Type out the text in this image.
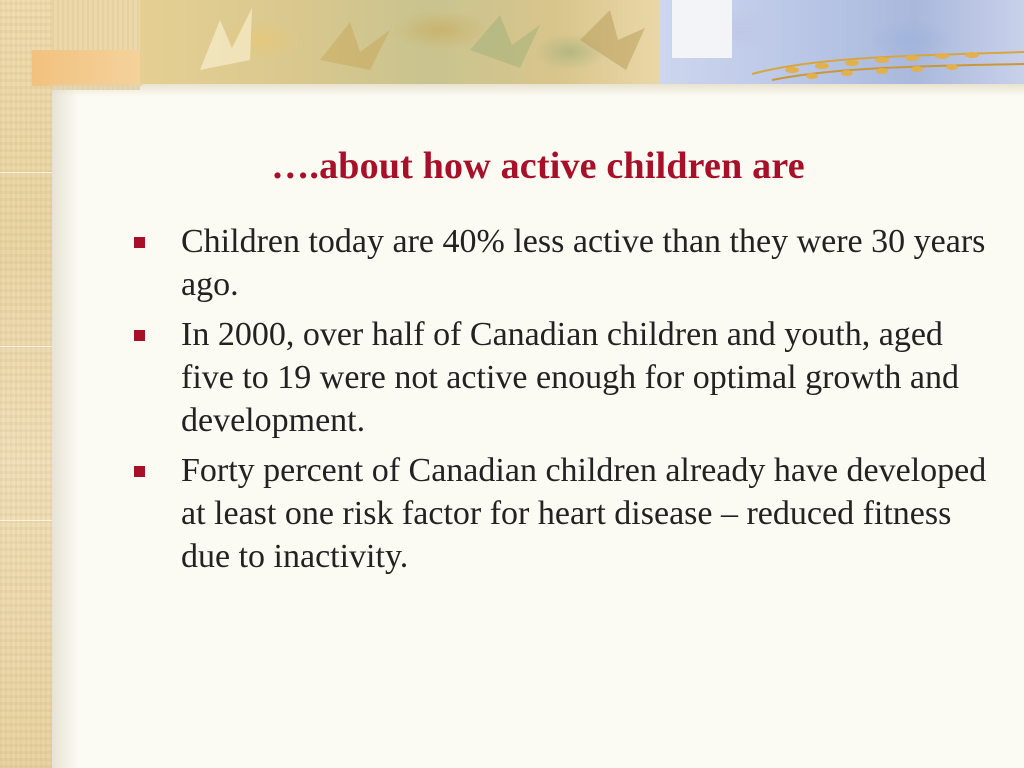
….about how active children are
Children today are 40% less active than they were 30 years ago.
In 2000, over half of Canadian children and youth, aged five to 19 were not active enough for optimal growth and development.
Forty percent of Canadian children already have developed at least one risk factor for heart disease – reduced fitness due to inactivity.
